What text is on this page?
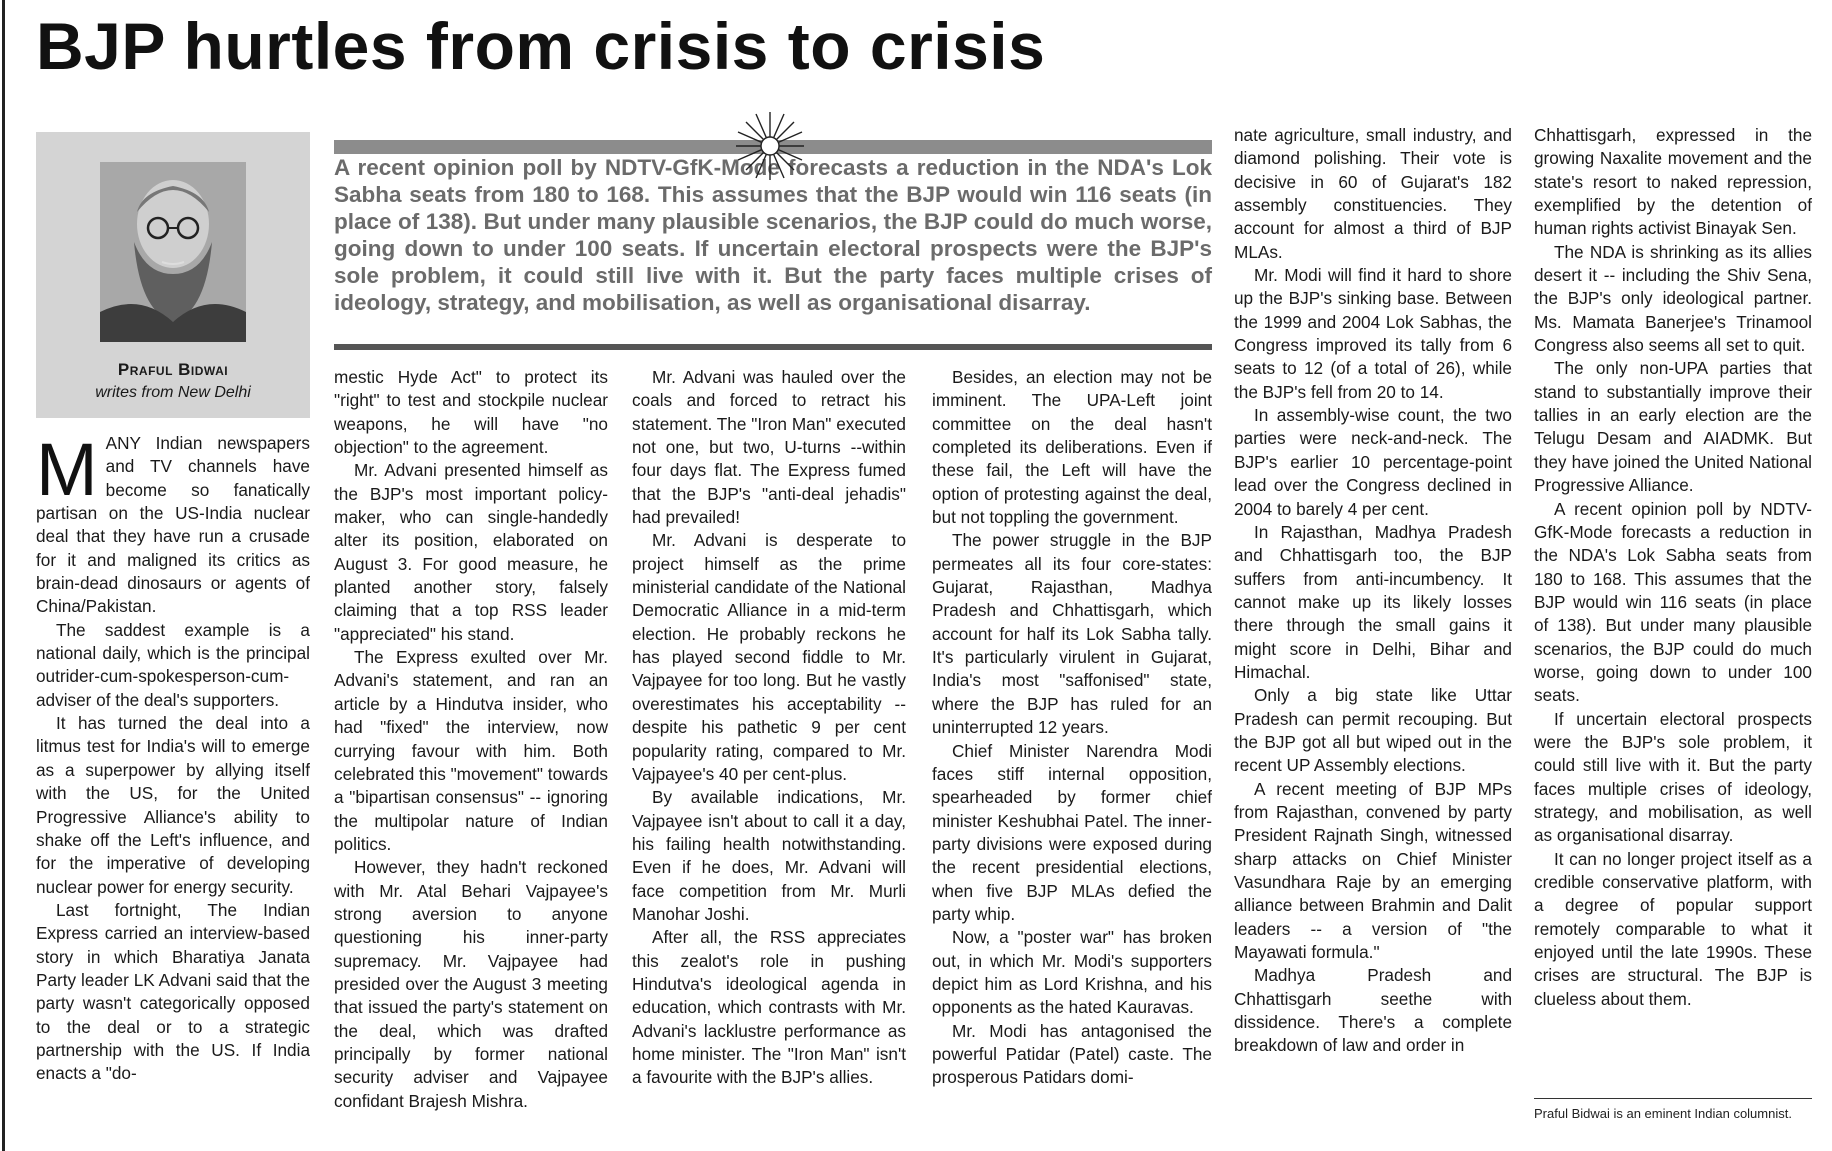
BJP hurtles from crisis to crisis
Praful Bidwai
writes from New Delhi

A recent opinion poll by NDTV-GfK-Mode forecasts a reduction in the NDA's Lok Sabha seats from 180 to 168. This assumes that the BJP would win 116 seats (in place of 138). But under many plausible scenarios, the BJP could do much worse, going down to under 100 seats. If uncertain electoral prospects were the BJP's sole problem, it could still live with it. But the party faces multiple crises of ideology, strategy, and mobilisation, as well as organisational disarray.

MANY Indian newspapers and TV channels have become so fanatically partisan on the US-India nuclear deal that they have run a crusade for it and maligned its critics as brain-dead dinosaurs or agents of China/Pakistan.

The saddest example is a national daily, which is the principal outrider-cum-spokesperson-cum-adviser of the deal's supporters.

It has turned the deal into a litmus test for India's will to emerge as a superpower by allying itself with the US, for the United Progressive Alliance's ability to shake off the Left's influence, and for the imperative of developing nuclear power for energy security.

Last fortnight, The Indian Express carried an interview-based story in which Bharatiya Janata Party leader LK Advani said that the party wasn't categorically opposed to the deal or to a strategic partnership with the US. If India enacts a "do-

mestic Hyde Act" to protect its "right" to test and stockpile nuclear weapons, he will have "no objection" to the agreement.

Mr. Advani presented himself as the BJP's most important policy-maker, who can single-handedly alter its position, elaborated on August 3. For good measure, he planted another story, falsely claiming that a top RSS leader "appreciated" his stand.

The Express exulted over Mr. Advani's statement, and ran an article by a Hindutva insider, who had "fixed" the interview, now currying favour with him. Both celebrated this "movement" towards a "bipartisan consensus" -- ignoring the multipolar nature of Indian politics.

However, they hadn't reckoned with Mr. Atal Behari Vajpayee's strong aversion to anyone questioning his inner-party supremacy. Mr. Vajpayee had presided over the August 3 meeting that issued the party's statement on the deal, which was drafted principally by former national security adviser and Vajpayee confidant Brajesh Mishra.

Mr. Advani was hauled over the coals and forced to retract his statement. The "Iron Man" executed not one, but two, U-turns --within four days flat. The Express fumed that the BJP's "anti-deal jehadis" had prevailed!

Mr. Advani is desperate to project himself as the prime ministerial candidate of the National Democratic Alliance in a mid-term election. He probably reckons he has played second fiddle to Mr. Vajpayee for too long. But he vastly overestimates his acceptability -- despite his pathetic 9 per cent popularity rating, compared to Mr. Vajpayee's 40 per cent-plus.

By available indications, Mr. Vajpayee isn't about to call it a day, his failing health notwithstanding. Even if he does, Mr. Advani will face competition from Mr. Murli Manohar Joshi.

After all, the RSS appreciates this zealot's role in pushing Hindutva's ideological agenda in education, which contrasts with Mr. Advani's lacklustre performance as home minister. The "Iron Man" isn't a favourite with the BJP's allies.

Besides, an election may not be imminent. The UPA-Left joint committee on the deal hasn't completed its deliberations. Even if these fail, the Left will have the option of protesting against the deal, but not toppling the government.

The power struggle in the BJP permeates all its four core-states: Gujarat, Rajasthan, Madhya Pradesh and Chhattisgarh, which account for half its Lok Sabha tally. It's particularly virulent in Gujarat, India's most "saffonised" state, where the BJP has ruled for an uninterrupted 12 years.

Chief Minister Narendra Modi faces stiff internal opposition, spearheaded by former chief minister Keshubhai Patel. The inner-party divisions were exposed during the recent presidential elections, when five BJP MLAs defied the party whip.

Now, a "poster war" has broken out, in which Mr. Modi's supporters depict him as Lord Krishna, and his opponents as the hated Kauravas.

Mr. Modi has antagonised the powerful Patidar (Patel) caste. The prosperous Patidars domi-

nate agriculture, small industry, and diamond polishing. Their vote is decisive in 60 of Gujarat's 182 assembly constituencies. They account for almost a third of BJP MLAs.

Mr. Modi will find it hard to shore up the BJP's sinking base. Between the 1999 and 2004 Lok Sabhas, the Congress improved its tally from 6 seats to 12 (of a total of 26), while the BJP's fell from 20 to 14.

In assembly-wise count, the two parties were neck-and-neck. The BJP's earlier 10 percentage-point lead over the Congress declined in 2004 to barely 4 per cent.

In Rajasthan, Madhya Pradesh and Chhattisgarh too, the BJP suffers from anti-incumbency. It cannot make up its likely losses there through the small gains it might score in Delhi, Bihar and Himachal.

Only a big state like Uttar Pradesh can permit recouping. But the BJP got all but wiped out in the recent UP Assembly elections.

A recent meeting of BJP MPs from Rajasthan, convened by party President Rajnath Singh, witnessed sharp attacks on Chief Minister Vasundhara Raje by an emerging alliance between Brahmin and Dalit leaders -- a version of "the Mayawati formula."

Madhya Pradesh and Chhattisgarh seethe with dissidence. There's a complete breakdown of law and order in

Chhattisgarh, expressed in the growing Naxalite movement and the state's resort to naked repression, exemplified by the detention of human rights activist Binayak Sen.

The NDA is shrinking as its allies desert it -- including the Shiv Sena, the BJP's only ideological partner. Ms. Mamata Banerjee's Trinamool Congress also seems all set to quit.

The only non-UPA parties that stand to substantially improve their tallies in an early election are the Telugu Desam and AIADMK. But they have joined the United National Progressive Alliance.

A recent opinion poll by NDTV-GfK-Mode forecasts a reduction in the NDA's Lok Sabha seats from 180 to 168. This assumes that the BJP would win 116 seats (in place of 138). But under many plausible scenarios, the BJP could do much worse, going down to under 100 seats.

If uncertain electoral prospects were the BJP's sole problem, it could still live with it. But the party faces multiple crises of ideology, strategy, and mobilisation, as well as organisational disarray.

It can no longer project itself as a credible conservative platform, with a degree of popular support remotely comparable to what it enjoyed until the late 1990s. These crises are structural. The BJP is clueless about them.

Praful Bidwai is an eminent Indian columnist.
